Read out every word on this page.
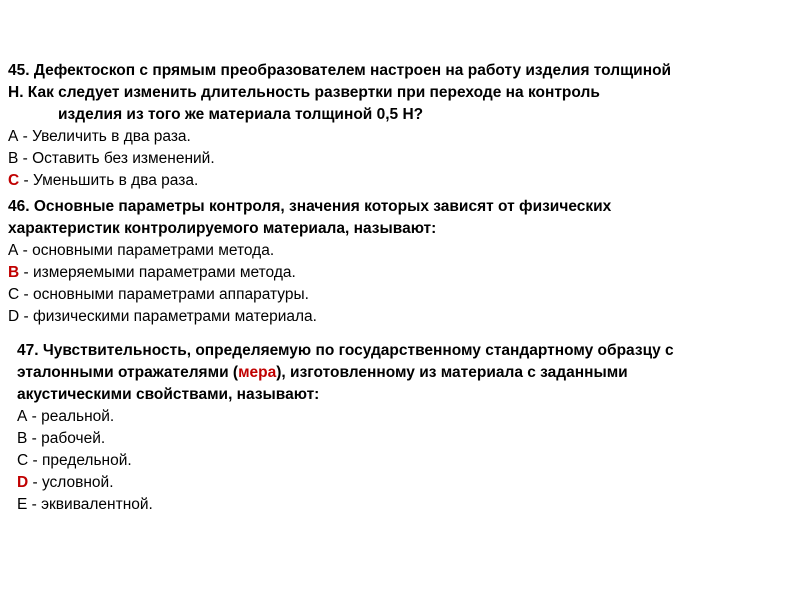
45. Дефектоскоп с прямым преобразователем настроен на работу изделия толщиной
Н. Как следует изменить длительность развертки при переходе на контроль
изделия из того же материала толщиной 0,5 Н?
А - Увеличить в два раза.
В - Оставить без изменений.
С - Уменьшить в два раза.
46. Основные параметры контроля, значения которых зависят от физических
характеристик контролируемого материала, называют:
А - основными параметрами метода.
В - измеряемыми параметрами метода.
С - основными параметрами аппаратуры.
D - физическими параметрами материала.
47. Чувствительность, определяемую по государственному стандартному образцу с
эталонными отражателями (мера), изготовленному из материала с заданными
акустическими свойствами, называют:
А - реальной.
В - рабочей.
С - предельной.
D - условной.
Е - эквивалентной.
